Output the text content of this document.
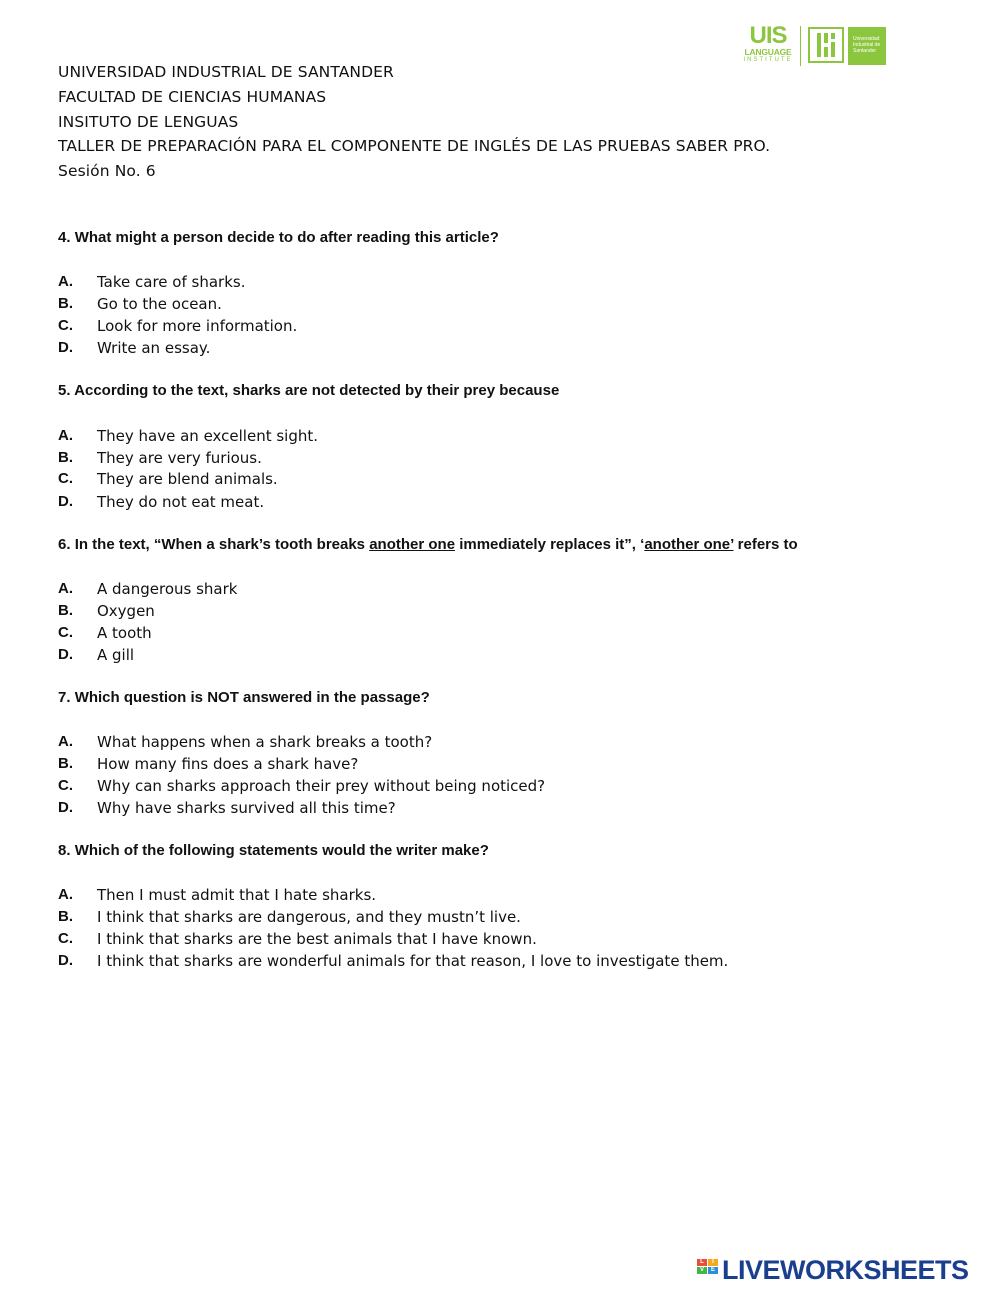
UNIVERSIDAD INDUSTRIAL DE SANTANDER
FACULTAD DE CIENCIAS HUMANAS
INSITUTO DE LENGUAS
TALLER DE PREPARACIÓN PARA EL COMPONENTE DE INGLÉS DE LAS PRUEBAS SABER PRO.
Sesión No. 6
UIS
LANGUAGE
INSTITUTE
Universidad
Industrial de
Santander
4. What might a person decide to do after reading this article?
A. Take care of sharks.
B. Go to the ocean.
C. Look for more information.
D. Write an essay.
5. According to the text, sharks are not detected by their prey because
A. They have an excellent sight.
B. They are very furious.
C. They are blend animals.
D. They do not eat meat.
6. In the text, “When a shark’s tooth breaks another one immediately replaces it”, ‘another one’ refers to
A. A dangerous shark
B. Oxygen
C. A tooth
D. A gill
7. Which question is NOT answered in the passage?
A. What happens when a shark breaks a tooth?
B. How many fins does a shark have?
C. Why can sharks approach their prey without being noticed?
D. Why have sharks survived all this time?
8. Which of the following statements would the writer make?
A. Then I must admit that I hate sharks.
B. I think that sharks are dangerous, and they mustn’t live.
C. I think that sharks are the best animals that I have known.
D. I think that sharks are wonderful animals for that reason, I love to investigate them.
L	I
V	E LIVEWORKSHEETS
